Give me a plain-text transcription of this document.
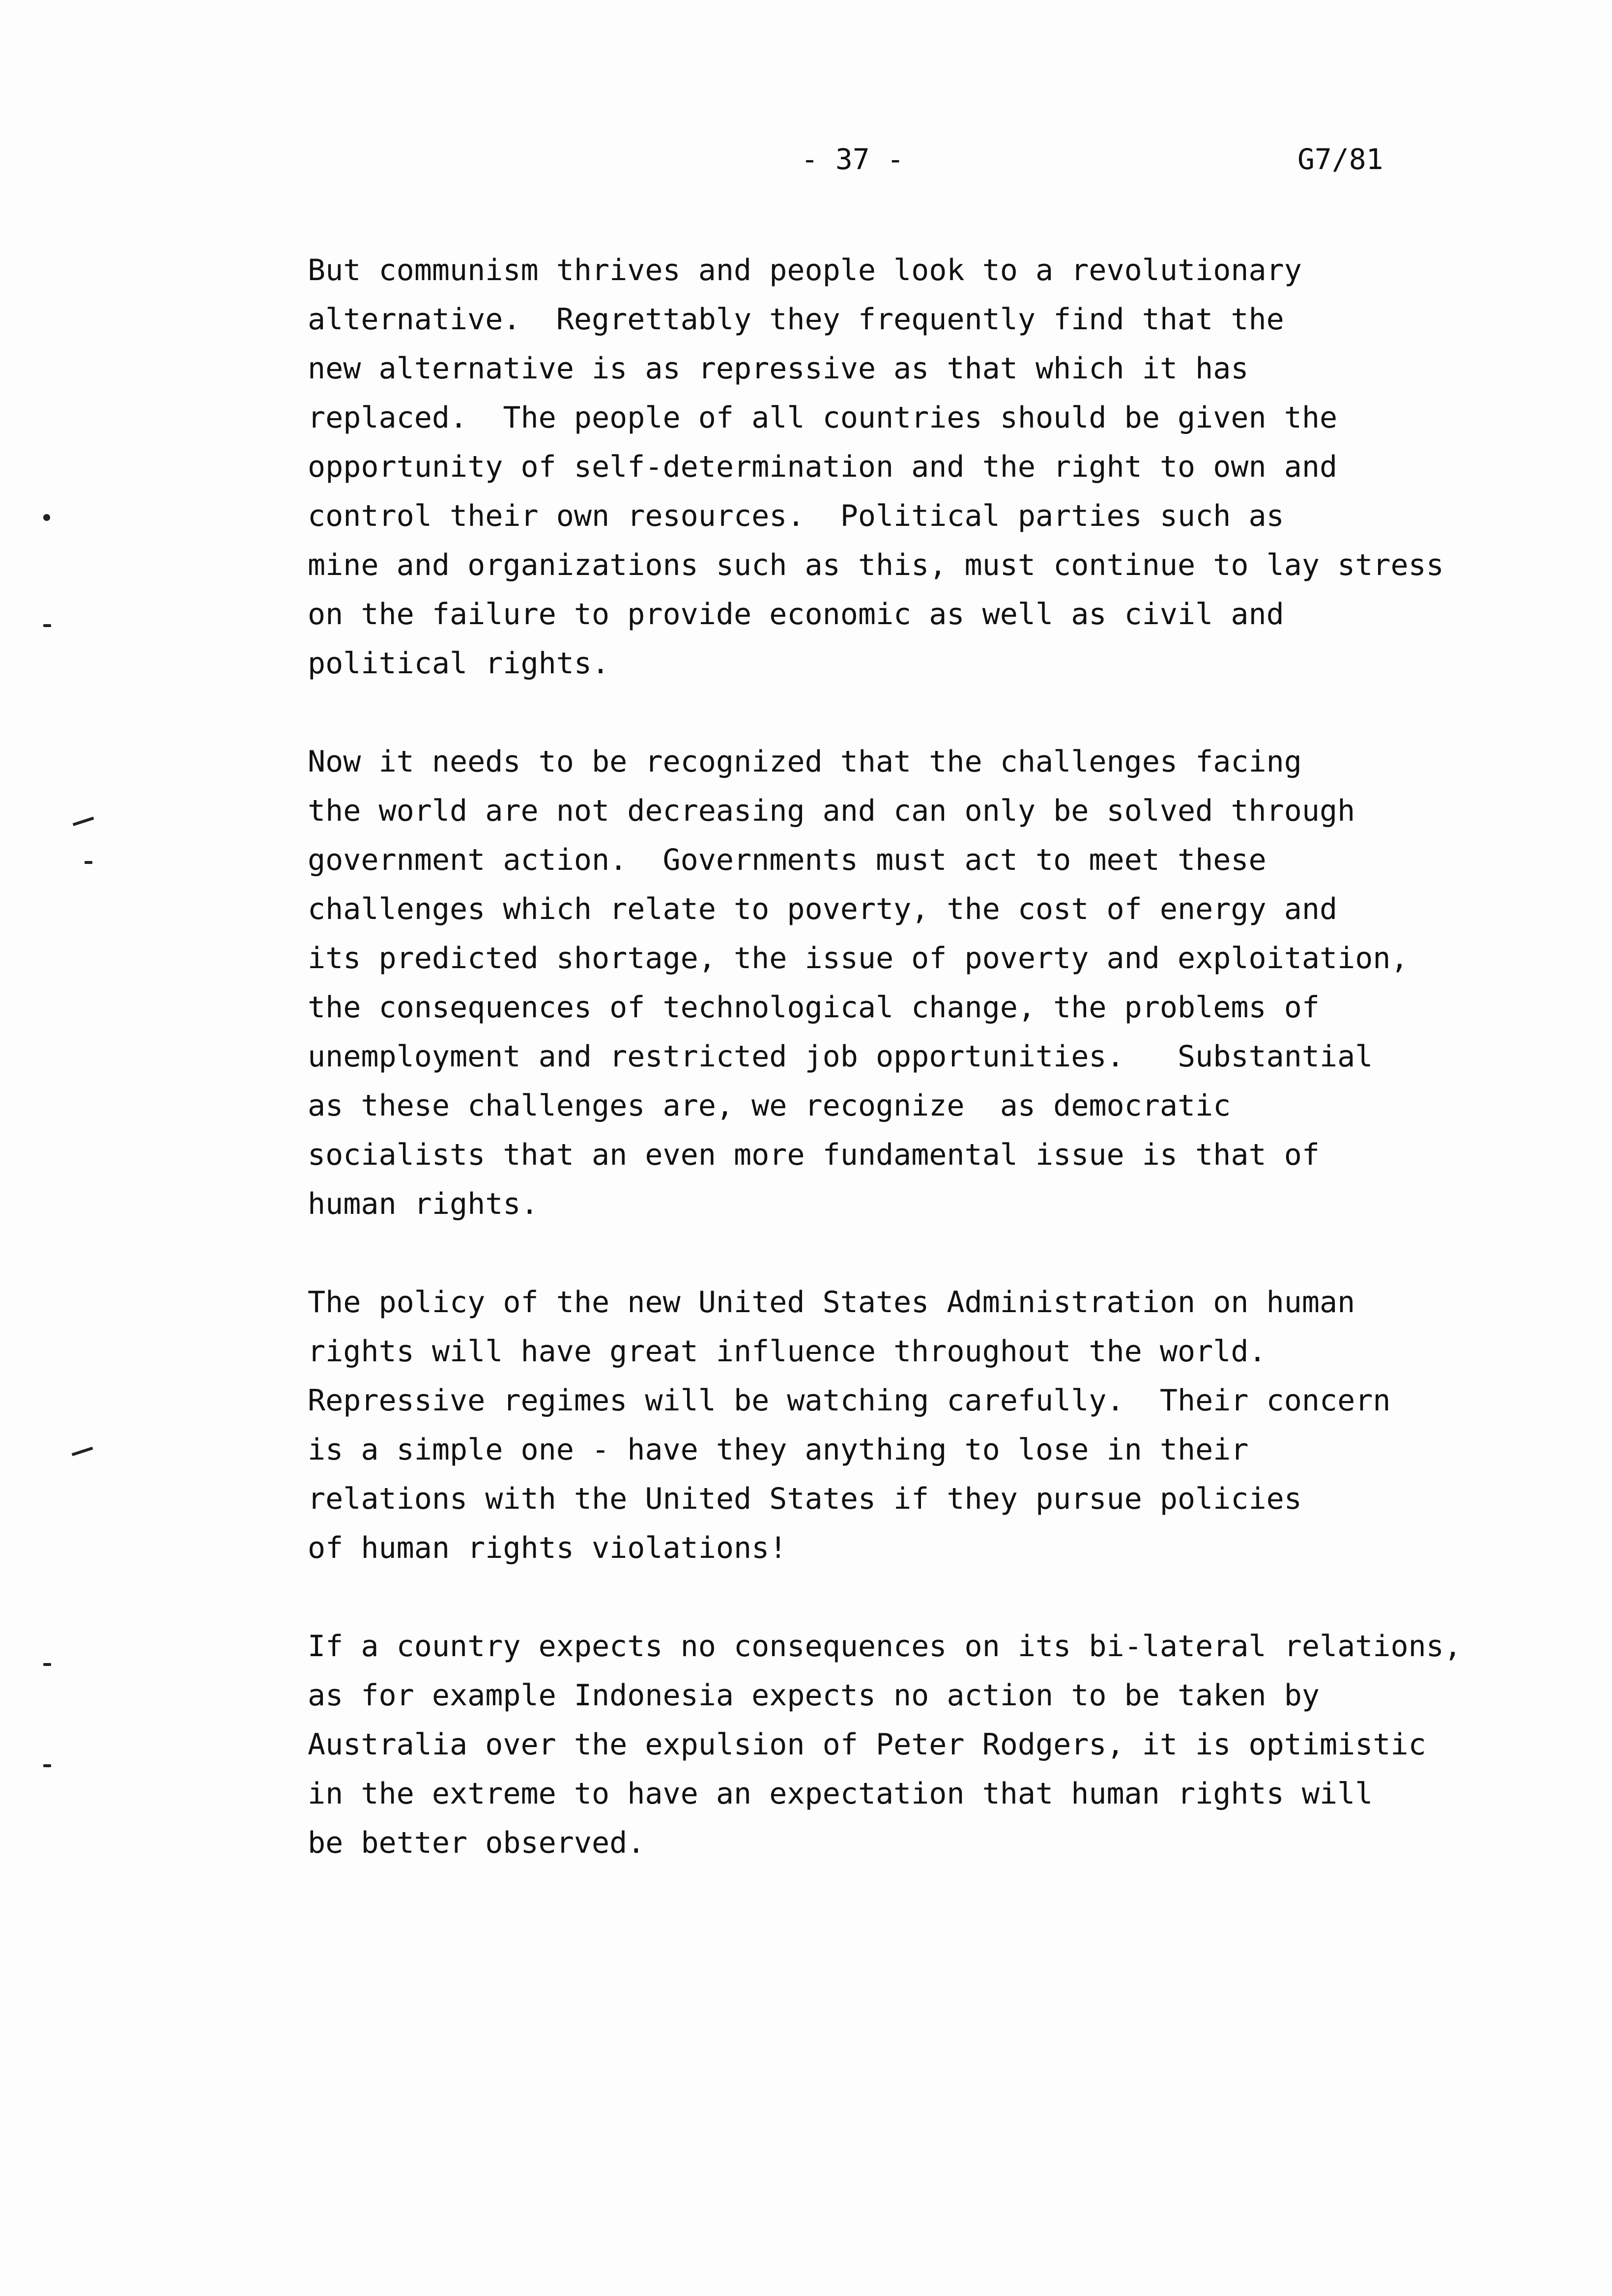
- 37 -	G7/81
But communism thrives and people look to a revolutionary
alternative.  Regrettably they frequently find that the
new alternative is as repressive as that which it has
replaced.  The people of all countries should be given the
opportunity of self-determination and the right to own and
control their own resources.  Political parties such as
mine and organizations such as this, must continue to lay stress
on the failure to provide economic as well as civil and
political rights.
Now it needs to be recognized that the challenges facing
the world are not decreasing and can only be solved through
government action.  Governments must act to meet these
challenges which relate to poverty, the cost of energy and
its predicted shortage, the issue of poverty and exploitation,
the consequences of technological change, the problems of
unemployment and restricted job opportunities.   Substantial
as these challenges are, we recognize  as democratic
socialists that an even more fundamental issue is that of
human rights.
The policy of the new United States Administration on human
rights will have great influence throughout the world.
Repressive regimes will be watching carefully.  Their concern
is a simple one - have they anything to lose in their
relations with the United States if they pursue policies
of human rights violations!
If a country expects no consequences on its bi-lateral relations,
as for example Indonesia expects no action to be taken by
Australia over the expulsion of Peter Rodgers, it is optimistic
in the extreme to have an expectation that human rights will
be better observed.
